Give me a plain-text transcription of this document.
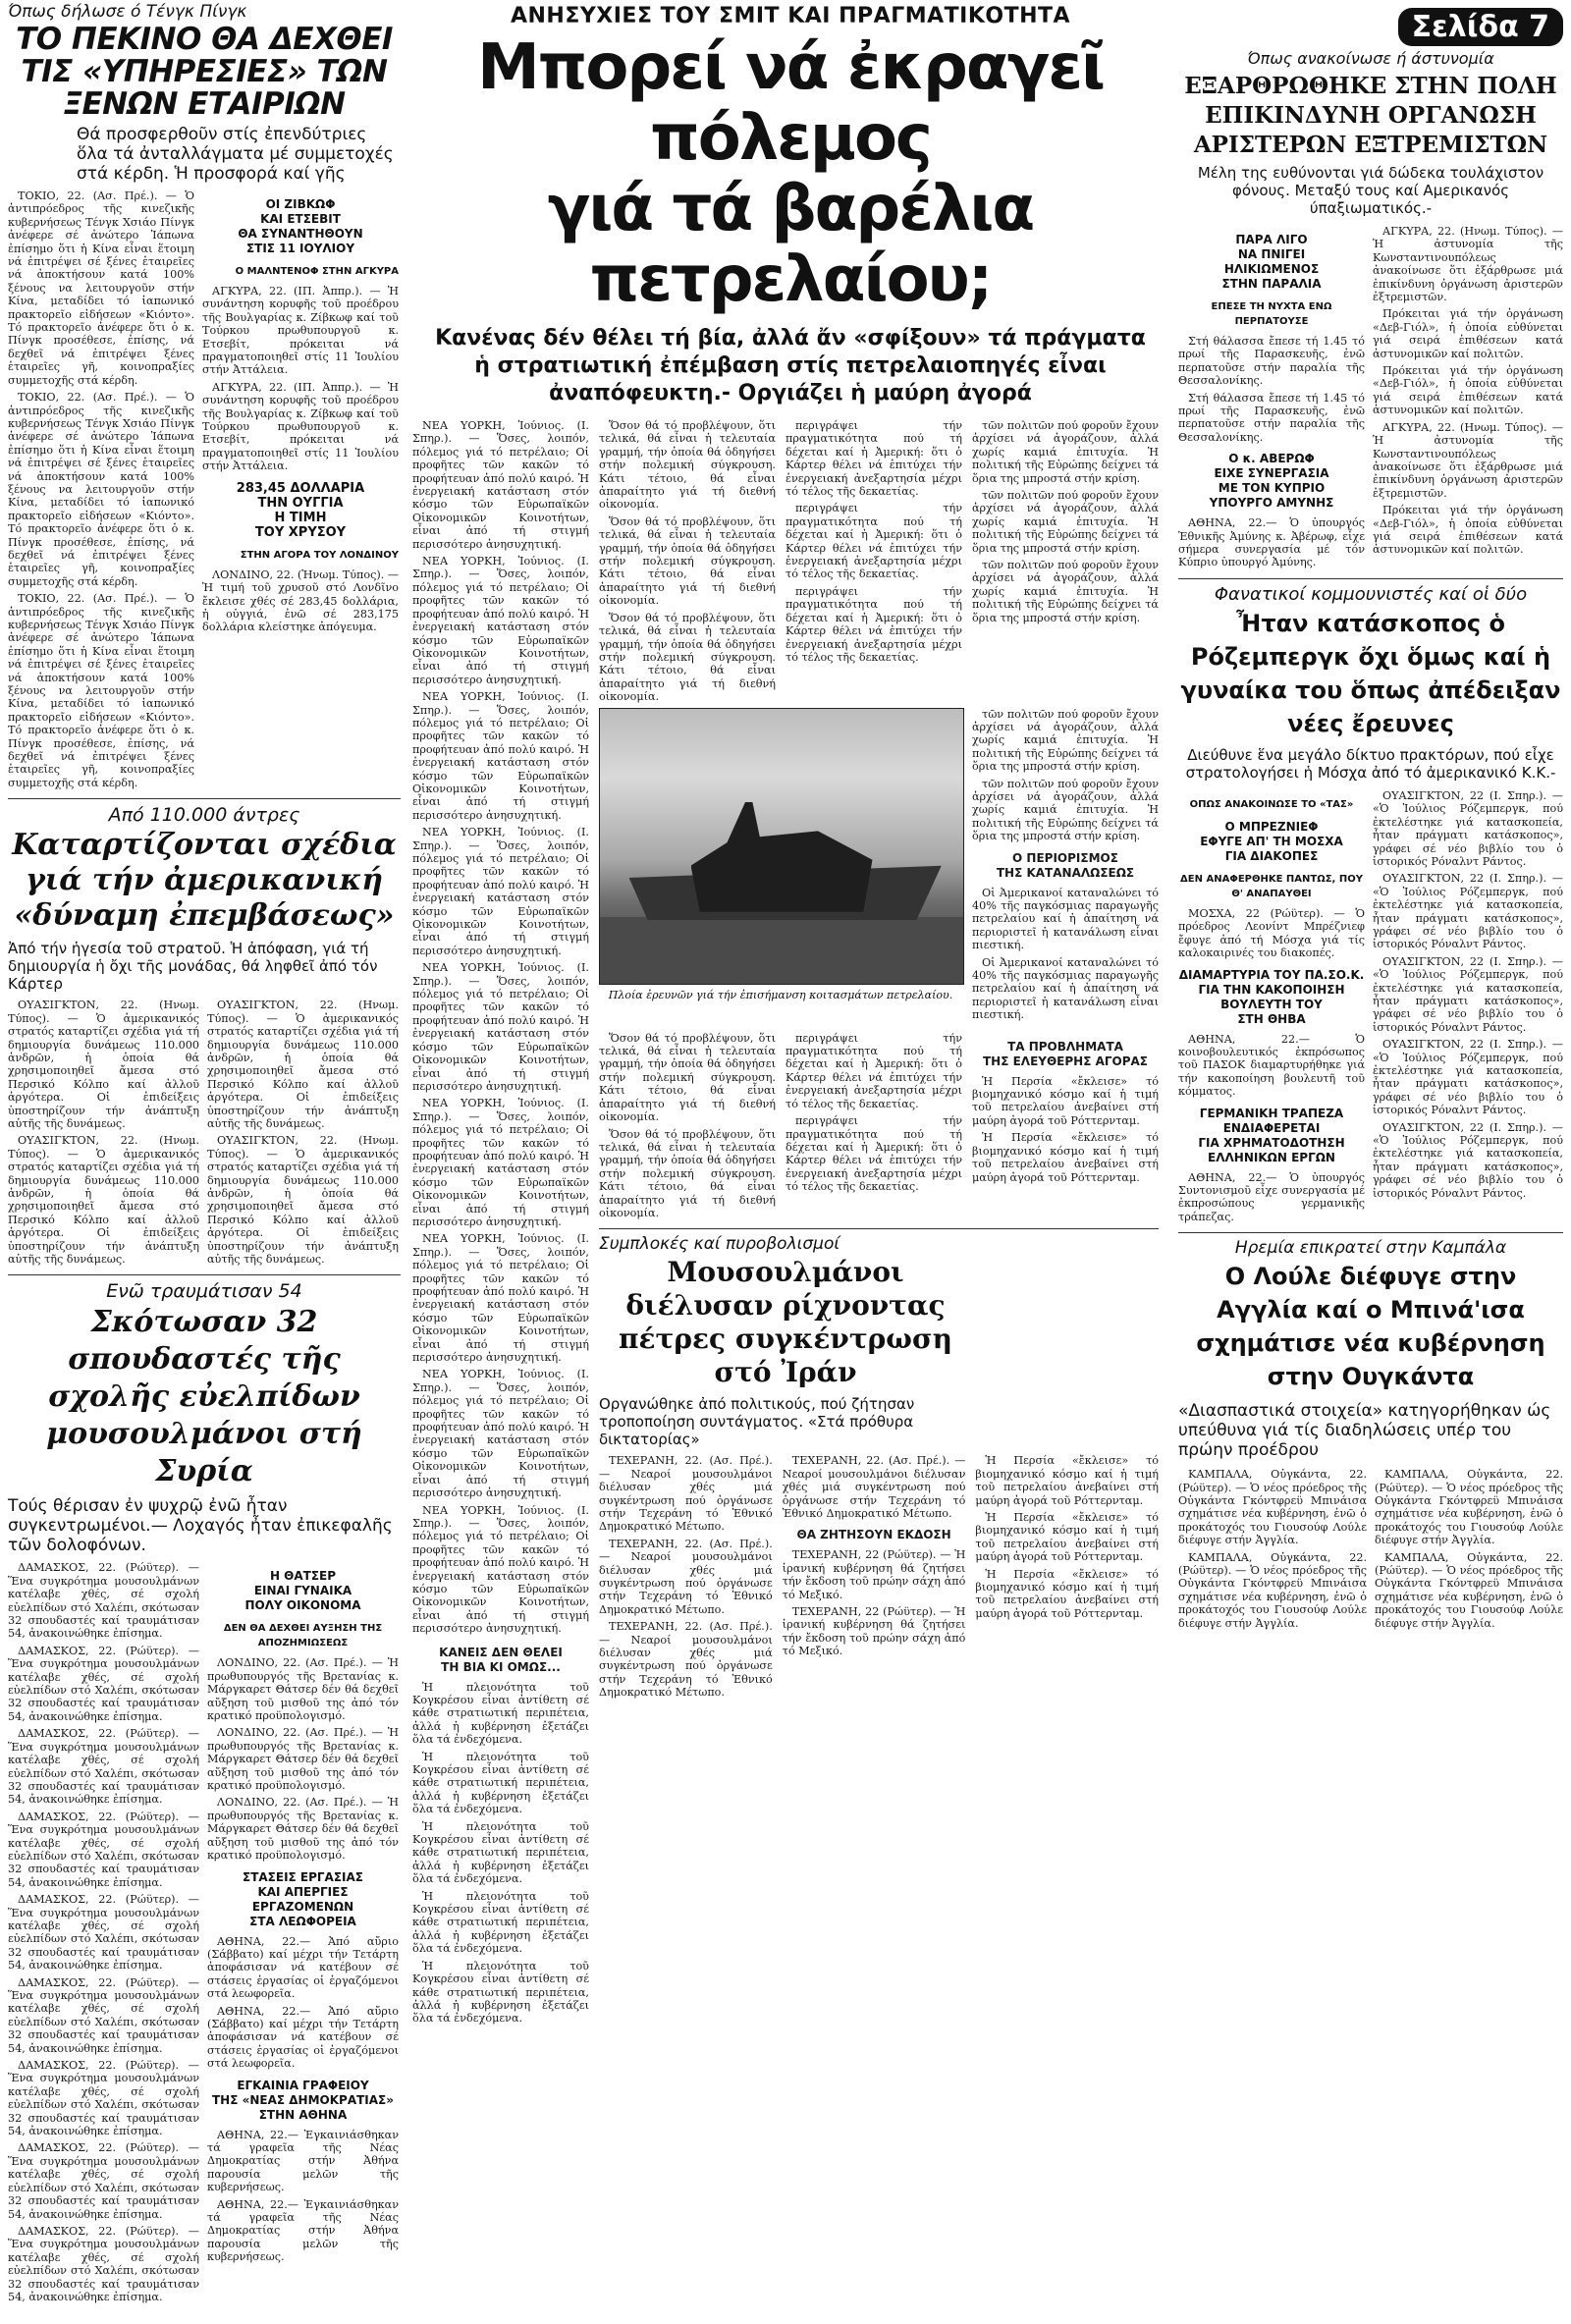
Σελίδα 7
Όπως δήλωσε ό Τένγκ Πίνγκ
ΤΟ ΠΕΚΙΝΟ ΘΑ ΔΕΧΘΕΙ ΤΙΣ «ΥΠΗΡΕΣΙΕΣ» ΤΩΝ ΞΕΝΩΝ ΕΤΑΙΡΙΩΝ
Θά προσφερθοῦν στίς ἐπενδύτριες ὅλα τά ἀνταλλάγματα μέ συμμετοχές στά κέρδη. Ἡ προσφορά καί γῆς

ΤΟΚΙΟ, 22. (Ασ. Πρέ.). — Ὁ ἀντιπρόεδρος τῆς κινεζικῆς κυβερνήσεως Τένγκ Χσιάο Πίνγκ ἀνέφερε σέ ἀνώτερο Ἰάπωνα ἐπίσημο ὅτι ἡ Κίνα εἶναι ἕτοιμη νά ἐπιτρέψει σέ ξένες ἑταιρεῖες νά ἀποκτήσουν κατά 100% ξένους να λειτουργοῦν στήν Κίνα, μεταδίδει τό ἰαπωνικό πρακτορεῖο εἰδήσεων «Κιόντο». Τό πρακτορεῖο ἀνέφερε ὅτι ὁ κ. Πίνγκ προσέθεσε, ἐπίσης, νά δεχθεῖ νά ἐπιτρέψει ξένες ἑταιρεῖες γῆ, κοινοπραξίες συμμετοχῆς στά κέρδη.

ΤΟΚΙΟ, 22. (Ασ. Πρέ.). — Ὁ ἀντιπρόεδρος τῆς κινεζικῆς κυβερνήσεως Τένγκ Χσιάο Πίνγκ ἀνέφερε σέ ἀνώτερο Ἰάπωνα ἐπίσημο ὅτι ἡ Κίνα εἶναι ἕτοιμη νά ἐπιτρέψει σέ ξένες ἑταιρεῖες νά ἀποκτήσουν κατά 100% ξένους να λειτουργοῦν στήν Κίνα, μεταδίδει τό ἰαπωνικό πρακτορεῖο εἰδήσεων «Κιόντο». Τό πρακτορεῖο ἀνέφερε ὅτι ὁ κ. Πίνγκ προσέθεσε, ἐπίσης, νά δεχθεῖ νά ἐπιτρέψει ξένες ἑταιρεῖες γῆ, κοινοπραξίες συμμετοχῆς στά κέρδη.

ΤΟΚΙΟ, 22. (Ασ. Πρέ.). — Ὁ ἀντιπρόεδρος τῆς κινεζικῆς κυβερνήσεως Τένγκ Χσιάο Πίνγκ ἀνέφερε σέ ἀνώτερο Ἰάπωνα ἐπίσημο ὅτι ἡ Κίνα εἶναι ἕτοιμη νά ἐπιτρέψει σέ ξένες ἑταιρεῖες νά ἀποκτήσουν κατά 100% ξένους να λειτουργοῦν στήν Κίνα, μεταδίδει τό ἰαπωνικό πρακτορεῖο εἰδήσεων «Κιόντο». Τό πρακτορεῖο ἀνέφερε ὅτι ὁ κ. Πίνγκ προσέθεσε, ἐπίσης, νά δεχθεῖ νά ἐπιτρέψει ξένες ἑταιρεῖες γῆ, κοινοπραξίες συμμετοχῆς στά κέρδη.

ΟΙ ΖΙΒΚΩΦ
ΚΑΙ ΕΤΣΕΒΙΤ
ΘΑ ΣΥΝΑΝΤΗΘΟΥΝ
ΣΤΙΣ 11 ΙΟΥΛΙΟΥ
Ο ΜΑΛΝΤΕΝΟΦ ΣΤΗΝ ΑΓΚΥΡΑ

ΑΓΚΥΡΑ, 22. (ΙΠ. Ἀππρ.). — Ἡ συνάντηση κορυφῆς τοῦ προέδρου τῆς Βουλγαρίας κ. Ζίβκωφ καί τοῦ Τούρκου πρωθυπουργοῦ κ. Ετσεβίτ, πρόκειται νά πραγματοποιηθεῖ στίς 11 Ἰουλίου στήν Ἀττάλεια.

ΑΓΚΥΡΑ, 22. (ΙΠ. Ἀππρ.). — Ἡ συνάντηση κορυφῆς τοῦ προέδρου τῆς Βουλγαρίας κ. Ζίβκωφ καί τοῦ Τούρκου πρωθυπουργοῦ κ. Ετσεβίτ, πρόκειται νά πραγματοποιηθεῖ στίς 11 Ἰουλίου στήν Ἀττάλεια.

283,45 ΔΟΛΛΑΡΙΑ
ΤΗΝ ΟΥΓΓΙΑ
Η ΤΙΜΗ
ΤΟΥ ΧΡΥΣΟΥ
ΣΤΗΝ ΑΓΟΡΑ ΤΟΥ ΛΟΝΔΙΝΟΥ

ΛΟΝΔΙΝΟ, 22. (Ἡνωμ. Τύπος). — Ἡ τιμή τοῦ χρυσοῦ στό Λονδῖνο ἔκλεισε χθές σέ 283,45 δολλάρια, ἡ οὐγγιά, ἐνῶ σέ 283,175 δολλάρια κλείστηκε ἀπόγευμα.

Από 110.000 άντρες
Καταρτίζονται σχέδια γιά τήν ἀμερικανική «δύναμη ἐπεμβάσεως»
Ἀπό τήν ἡγεσία τοῦ στρατοῦ. Ἡ ἀπόφαση, γιά τή δημιουργία ἡ ὄχι τῆς μονάδας, θά ληφθεῖ ἀπό τόν Κάρτερ

ΟΥΑΣΙΓΚΤΟΝ, 22. (Ηνωμ. Τύπος). — Ὁ ἀμερικανικός στρατός καταρτίζει σχέδια γιά τή δημιουργία δυνάμεως 110.000 ἀνδρῶν, ἡ ὁποία θά χρησιμοποιηθεῖ ἄμεσα στό Περσικό Κόλπο καί ἀλλοῦ ἀργότερα. Οἱ ἐπιδείξεις ὑποστηρίζουν τήν ἀνάπτυξη αὐτῆς τῆς δυνάμεως.

ΟΥΑΣΙΓΚΤΟΝ, 22. (Ηνωμ. Τύπος). — Ὁ ἀμερικανικός στρατός καταρτίζει σχέδια γιά τή δημιουργία δυνάμεως 110.000 ἀνδρῶν, ἡ ὁποία θά χρησιμοποιηθεῖ ἄμεσα στό Περσικό Κόλπο καί ἀλλοῦ ἀργότερα. Οἱ ἐπιδείξεις ὑποστηρίζουν τήν ἀνάπτυξη αὐτῆς τῆς δυνάμεως.

ΟΥΑΣΙΓΚΤΟΝ, 22. (Ηνωμ. Τύπος). — Ὁ ἀμερικανικός στρατός καταρτίζει σχέδια γιά τή δημιουργία δυνάμεως 110.000 ἀνδρῶν, ἡ ὁποία θά χρησιμοποιηθεῖ ἄμεσα στό Περσικό Κόλπο καί ἀλλοῦ ἀργότερα. Οἱ ἐπιδείξεις ὑποστηρίζουν τήν ἀνάπτυξη αὐτῆς τῆς δυνάμεως.

ΟΥΑΣΙΓΚΤΟΝ, 22. (Ηνωμ. Τύπος). — Ὁ ἀμερικανικός στρατός καταρτίζει σχέδια γιά τή δημιουργία δυνάμεως 110.000 ἀνδρῶν, ἡ ὁποία θά χρησιμοποιηθεῖ ἄμεσα στό Περσικό Κόλπο καί ἀλλοῦ ἀργότερα. Οἱ ἐπιδείξεις ὑποστηρίζουν τήν ἀνάπτυξη αὐτῆς τῆς δυνάμεως.

Ενῶ τραυμάτισαν 54
Σκότωσαν 32 σπουδαστές τῆς σχολῆς εὐελπίδων μουσουλμάνοι στή Συρία
Τούς θέρισαν ἐν ψυχρῷ ἐνῶ ἦταν συγκεντρωμένοι.— Λοχαγός ἦταν ἐπικεφαλῆς τῶν δολοφόνων.

ΔΑΜΑΣΚΟΣ, 22. (Ρώϋτερ). — Ἕνα συγκρότημα μουσουλμάνων κατέλαβε χθές, σέ σχολή εὐελπίδων στό Χαλέπι, σκότωσαν 32 σπουδαστές καί τραυμάτισαν 54, ἀνακοινώθηκε ἐπίσημα.

ΔΑΜΑΣΚΟΣ, 22. (Ρώϋτερ). — Ἕνα συγκρότημα μουσουλμάνων κατέλαβε χθές, σέ σχολή εὐελπίδων στό Χαλέπι, σκότωσαν 32 σπουδαστές καί τραυμάτισαν 54, ἀνακοινώθηκε ἐπίσημα.

ΔΑΜΑΣΚΟΣ, 22. (Ρώϋτερ). — Ἕνα συγκρότημα μουσουλμάνων κατέλαβε χθές, σέ σχολή εὐελπίδων στό Χαλέπι, σκότωσαν 32 σπουδαστές καί τραυμάτισαν 54, ἀνακοινώθηκε ἐπίσημα.

ΔΑΜΑΣΚΟΣ, 22. (Ρώϋτερ). — Ἕνα συγκρότημα μουσουλμάνων κατέλαβε χθές, σέ σχολή εὐελπίδων στό Χαλέπι, σκότωσαν 32 σπουδαστές καί τραυμάτισαν 54, ἀνακοινώθηκε ἐπίσημα.

ΔΑΜΑΣΚΟΣ, 22. (Ρώϋτερ). — Ἕνα συγκρότημα μουσουλμάνων κατέλαβε χθές, σέ σχολή εὐελπίδων στό Χαλέπι, σκότωσαν 32 σπουδαστές καί τραυμάτισαν 54, ἀνακοινώθηκε ἐπίσημα.

ΔΑΜΑΣΚΟΣ, 22. (Ρώϋτερ). — Ἕνα συγκρότημα μουσουλμάνων κατέλαβε χθές, σέ σχολή εὐελπίδων στό Χαλέπι, σκότωσαν 32 σπουδαστές καί τραυμάτισαν 54, ἀνακοινώθηκε ἐπίσημα.

ΔΑΜΑΣΚΟΣ, 22. (Ρώϋτερ). — Ἕνα συγκρότημα μουσουλμάνων κατέλαβε χθές, σέ σχολή εὐελπίδων στό Χαλέπι, σκότωσαν 32 σπουδαστές καί τραυμάτισαν 54, ἀνακοινώθηκε ἐπίσημα.

ΔΑΜΑΣΚΟΣ, 22. (Ρώϋτερ). — Ἕνα συγκρότημα μουσουλμάνων κατέλαβε χθές, σέ σχολή εὐελπίδων στό Χαλέπι, σκότωσαν 32 σπουδαστές καί τραυμάτισαν 54, ἀνακοινώθηκε ἐπίσημα.

ΔΑΜΑΣΚΟΣ, 22. (Ρώϋτερ). — Ἕνα συγκρότημα μουσουλμάνων κατέλαβε χθές, σέ σχολή εὐελπίδων στό Χαλέπι, σκότωσαν 32 σπουδαστές καί τραυμάτισαν 54, ἀνακοινώθηκε ἐπίσημα.

Η ΘΑΤΣΕΡ
ΕΙΝΑΙ ΓΥΝΑΙΚΑ
ΠΟΛΥ ΟΙΚΟΝΟΜΑ
ΔΕΝ ΘΑ ΔΕΧΘΕΙ ΑΥΞΗΣΗ ΤΗΣ ΑΠΟΖΗΜΙΩΣΕΩΣ

ΛΟΝΔΙΝΟ, 22. (Ασ. Πρέ.). — Ἡ πρωθυπουργός τῆς Βρετανίας κ. Μάργκαρετ Θάτσερ δέν θά δεχθεῖ αὔξηση τοῦ μισθοῦ της ἀπό τόν κρατικό προϋπολογισμό.

ΛΟΝΔΙΝΟ, 22. (Ασ. Πρέ.). — Ἡ πρωθυπουργός τῆς Βρετανίας κ. Μάργκαρετ Θάτσερ δέν θά δεχθεῖ αὔξηση τοῦ μισθοῦ της ἀπό τόν κρατικό προϋπολογισμό.

ΛΟΝΔΙΝΟ, 22. (Ασ. Πρέ.). — Ἡ πρωθυπουργός τῆς Βρετανίας κ. Μάργκαρετ Θάτσερ δέν θά δεχθεῖ αὔξηση τοῦ μισθοῦ της ἀπό τόν κρατικό προϋπολογισμό.

ΣΤΑΣΕΙΣ ΕΡΓΑΣΙΑΣ
ΚΑΙ ΑΠΕΡΓΙΕΣ
ΕΡΓΑΖΟΜΕΝΩΝ
ΣΤΑ ΛΕΩΦΟΡΕΙΑ

ΑΘΗΝΑ, 22.— Ἀπό αὔριο (Σάββατο) καί μέχρι τήν Τετάρτη ἀποφάσισαν νά κατέβουν σέ στάσεις ἐργασίας οἱ ἐργαζόμενοι στά λεωφορεῖα.

ΑΘΗΝΑ, 22.— Ἀπό αὔριο (Σάββατο) καί μέχρι τήν Τετάρτη ἀποφάσισαν νά κατέβουν σέ στάσεις ἐργασίας οἱ ἐργαζόμενοι στά λεωφορεῖα.

ΕΓΚΑΙΝΙΑ ΓΡΑΦΕΙΟΥ
ΤΗΣ «ΝΕΑΣ ΔΗΜΟΚΡΑΤΙΑΣ»
ΣΤΗΝ ΑΘΗΝΑ

ΑΘΗΝΑ, 22.— Ἐγκαινιάσθηκαν τά γραφεῖα τῆς Νέας Δημοκρατίας στήν Ἀθήνα παρουσία μελῶν τῆς κυβερνήσεως.

ΑΘΗΝΑ, 22.— Ἐγκαινιάσθηκαν τά γραφεῖα τῆς Νέας Δημοκρατίας στήν Ἀθήνα παρουσία μελῶν τῆς κυβερνήσεως.

ΑΝΗΣΥΧΙΕΣ ΤΟΥ ΣΜΙΤ ΚΑΙ ΠΡΑΓΜΑΤΙΚΟΤΗΤΑ
Μπορεί νά ἐκραγεῖ πόλεμος
γιά τά βαρέλια πετρελαίου;
Κανένας δέν θέλει τή βία, ἀλλά ἄν «σφίξουν» τά πράγματα ἡ στρατιωτική ἐπέμβαση στίς πετρελαιοπηγές εἶναι ἀναπόφευκτη.- Οργιάζει ἡ μαύρη ἀγορά

ΝΕΑ ΥΟΡΚΗ, Ἰούνιος. (Ι. Σπηρ.). — Ὅσες, λοιπόν, πόλεμος γιά τό πετρέλαιο; Οἱ προφῆτες τῶν κακῶν τό προφήτευαν ἀπό πολύ καιρό. Ἡ ἐνεργειακή κατάσταση στόν κόσμο τῶν Εὐρωπαϊκῶν Οἰκονομικῶν Κοινοτήτων, εἶναι ἀπό τή στιγμή περισσότερο ἀνησυχητική.

ΝΕΑ ΥΟΡΚΗ, Ἰούνιος. (Ι. Σπηρ.). — Ὅσες, λοιπόν, πόλεμος γιά τό πετρέλαιο; Οἱ προφῆτες τῶν κακῶν τό προφήτευαν ἀπό πολύ καιρό. Ἡ ἐνεργειακή κατάσταση στόν κόσμο τῶν Εὐρωπαϊκῶν Οἰκονομικῶν Κοινοτήτων, εἶναι ἀπό τή στιγμή περισσότερο ἀνησυχητική.

ΝΕΑ ΥΟΡΚΗ, Ἰούνιος. (Ι. Σπηρ.). — Ὅσες, λοιπόν, πόλεμος γιά τό πετρέλαιο; Οἱ προφῆτες τῶν κακῶν τό προφήτευαν ἀπό πολύ καιρό. Ἡ ἐνεργειακή κατάσταση στόν κόσμο τῶν Εὐρωπαϊκῶν Οἰκονομικῶν Κοινοτήτων, εἶναι ἀπό τή στιγμή περισσότερο ἀνησυχητική.

ΝΕΑ ΥΟΡΚΗ, Ἰούνιος. (Ι. Σπηρ.). — Ὅσες, λοιπόν, πόλεμος γιά τό πετρέλαιο; Οἱ προφῆτες τῶν κακῶν τό προφήτευαν ἀπό πολύ καιρό. Ἡ ἐνεργειακή κατάσταση στόν κόσμο τῶν Εὐρωπαϊκῶν Οἰκονομικῶν Κοινοτήτων, εἶναι ἀπό τή στιγμή περισσότερο ἀνησυχητική.

ΝΕΑ ΥΟΡΚΗ, Ἰούνιος. (Ι. Σπηρ.). — Ὅσες, λοιπόν, πόλεμος γιά τό πετρέλαιο; Οἱ προφῆτες τῶν κακῶν τό προφήτευαν ἀπό πολύ καιρό. Ἡ ἐνεργειακή κατάσταση στόν κόσμο τῶν Εὐρωπαϊκῶν Οἰκονομικῶν Κοινοτήτων, εἶναι ἀπό τή στιγμή περισσότερο ἀνησυχητική.

ΝΕΑ ΥΟΡΚΗ, Ἰούνιος. (Ι. Σπηρ.). — Ὅσες, λοιπόν, πόλεμος γιά τό πετρέλαιο; Οἱ προφῆτες τῶν κακῶν τό προφήτευαν ἀπό πολύ καιρό. Ἡ ἐνεργειακή κατάσταση στόν κόσμο τῶν Εὐρωπαϊκῶν Οἰκονομικῶν Κοινοτήτων, εἶναι ἀπό τή στιγμή περισσότερο ἀνησυχητική.

ΝΕΑ ΥΟΡΚΗ, Ἰούνιος. (Ι. Σπηρ.). — Ὅσες, λοιπόν, πόλεμος γιά τό πετρέλαιο; Οἱ προφῆτες τῶν κακῶν τό προφήτευαν ἀπό πολύ καιρό. Ἡ ἐνεργειακή κατάσταση στόν κόσμο τῶν Εὐρωπαϊκῶν Οἰκονομικῶν Κοινοτήτων, εἶναι ἀπό τή στιγμή περισσότερο ἀνησυχητική.

ΝΕΑ ΥΟΡΚΗ, Ἰούνιος. (Ι. Σπηρ.). — Ὅσες, λοιπόν, πόλεμος γιά τό πετρέλαιο; Οἱ προφῆτες τῶν κακῶν τό προφήτευαν ἀπό πολύ καιρό. Ἡ ἐνεργειακή κατάσταση στόν κόσμο τῶν Εὐρωπαϊκῶν Οἰκονομικῶν Κοινοτήτων, εἶναι ἀπό τή στιγμή περισσότερο ἀνησυχητική.

ΝΕΑ ΥΟΡΚΗ, Ἰούνιος. (Ι. Σπηρ.). — Ὅσες, λοιπόν, πόλεμος γιά τό πετρέλαιο; Οἱ προφῆτες τῶν κακῶν τό προφήτευαν ἀπό πολύ καιρό. Ἡ ἐνεργειακή κατάσταση στόν κόσμο τῶν Εὐρωπαϊκῶν Οἰκονομικῶν Κοινοτήτων, εἶναι ἀπό τή στιγμή περισσότερο ἀνησυχητική.

ΚΑΝΕΙΣ ΔΕΝ ΘΕΛΕΙ
ΤΗ ΒΙΑ ΚΙ ΟΜΩΣ...

Ἡ πλειονότητα τοῦ Κογκρέσου εἶναι ἀντίθετη σέ κάθε στρατιωτική περιπέτεια, ἀλλά ἡ κυβέρνηση ἐξετάζει ὅλα τά ἐνδεχόμενα.

Ἡ πλειονότητα τοῦ Κογκρέσου εἶναι ἀντίθετη σέ κάθε στρατιωτική περιπέτεια, ἀλλά ἡ κυβέρνηση ἐξετάζει ὅλα τά ἐνδεχόμενα.

Ἡ πλειονότητα τοῦ Κογκρέσου εἶναι ἀντίθετη σέ κάθε στρατιωτική περιπέτεια, ἀλλά ἡ κυβέρνηση ἐξετάζει ὅλα τά ἐνδεχόμενα.

Ἡ πλειονότητα τοῦ Κογκρέσου εἶναι ἀντίθετη σέ κάθε στρατιωτική περιπέτεια, ἀλλά ἡ κυβέρνηση ἐξετάζει ὅλα τά ἐνδεχόμενα.

Ἡ πλειονότητα τοῦ Κογκρέσου εἶναι ἀντίθετη σέ κάθε στρατιωτική περιπέτεια, ἀλλά ἡ κυβέρνηση ἐξετάζει ὅλα τά ἐνδεχόμενα.

Ὅσον θά τό προβλέψουν, ὅτι τελικά, θά εἶναι ἡ τελευταία γραμμή, τήν ὁποία θά ὁδηγήσει στήν πολεμική σύγκρουση. Κάτι τέτοιο, θά εἶναι ἀπαραίτητο γιά τή διεθνή οἰκονομία.

Ὅσον θά τό προβλέψουν, ὅτι τελικά, θά εἶναι ἡ τελευταία γραμμή, τήν ὁποία θά ὁδηγήσει στήν πολεμική σύγκρουση. Κάτι τέτοιο, θά εἶναι ἀπαραίτητο γιά τή διεθνή οἰκονομία.

Ὅσον θά τό προβλέψουν, ὅτι τελικά, θά εἶναι ἡ τελευταία γραμμή, τήν ὁποία θά ὁδηγήσει στήν πολεμική σύγκρουση. Κάτι τέτοιο, θά εἶναι ἀπαραίτητο γιά τή διεθνή οἰκονομία.

περιγράψει τήν πραγματικότητα πού τή δέχεται καί ἡ Ἀμερική: ὅτι ὁ Κάρτερ θέλει νά ἐπιτύχει τήν ἐνεργειακή ἀνεξαρτησία μέχρι τό τέλος τῆς δεκαετίας.

περιγράψει τήν πραγματικότητα πού τή δέχεται καί ἡ Ἀμερική: ὅτι ὁ Κάρτερ θέλει νά ἐπιτύχει τήν ἐνεργειακή ἀνεξαρτησία μέχρι τό τέλος τῆς δεκαετίας.

περιγράψει τήν πραγματικότητα πού τή δέχεται καί ἡ Ἀμερική: ὅτι ὁ Κάρτερ θέλει νά ἐπιτύχει τήν ἐνεργειακή ἀνεξαρτησία μέχρι τό τέλος τῆς δεκαετίας.

τῶν πολιτῶν πού φοροῦν ἔχουν ἀρχίσει νά ἀγοράζουν, ἀλλά χωρίς καμιά ἐπιτυχία. Ἡ πολιτική τῆς Εὐρώπης δείχνει τά ὅρια της μπροστά στήν κρίση.

τῶν πολιτῶν πού φοροῦν ἔχουν ἀρχίσει νά ἀγοράζουν, ἀλλά χωρίς καμιά ἐπιτυχία. Ἡ πολιτική τῆς Εὐρώπης δείχνει τά ὅρια της μπροστά στήν κρίση.

τῶν πολιτῶν πού φοροῦν ἔχουν ἀρχίσει νά ἀγοράζουν, ἀλλά χωρίς καμιά ἐπιτυχία. Ἡ πολιτική τῆς Εὐρώπης δείχνει τά ὅρια της μπροστά στήν κρίση.

Πλοία ἐρευνῶν γιά τήν ἐπισήμανση κοιτασμάτων πετρελαίου.

τῶν πολιτῶν πού φοροῦν ἔχουν ἀρχίσει νά ἀγοράζουν, ἀλλά χωρίς καμιά ἐπιτυχία. Ἡ πολιτική τῆς Εὐρώπης δείχνει τά ὅρια της μπροστά στήν κρίση.

τῶν πολιτῶν πού φοροῦν ἔχουν ἀρχίσει νά ἀγοράζουν, ἀλλά χωρίς καμιά ἐπιτυχία. Ἡ πολιτική τῆς Εὐρώπης δείχνει τά ὅρια της μπροστά στήν κρίση.

Ο ΠΕΡΙΟΡΙΣΜΟΣ
ΤΗΣ ΚΑΤΑΝΑΛΩΣΕΩΣ

Οἱ Ἀμερικανοί καταναλώνει τό 40% τῆς παγκόσμιας παραγωγῆς πετρελαίου καί ἡ ἀπαίτηση νά περιοριστεῖ ἡ κατανάλωση εἶναι πιεστική.

Οἱ Ἀμερικανοί καταναλώνει τό 40% τῆς παγκόσμιας παραγωγῆς πετρελαίου καί ἡ ἀπαίτηση νά περιοριστεῖ ἡ κατανάλωση εἶναι πιεστική.

Ὅσον θά τό προβλέψουν, ὅτι τελικά, θά εἶναι ἡ τελευταία γραμμή, τήν ὁποία θά ὁδηγήσει στήν πολεμική σύγκρουση. Κάτι τέτοιο, θά εἶναι ἀπαραίτητο γιά τή διεθνή οἰκονομία.

Ὅσον θά τό προβλέψουν, ὅτι τελικά, θά εἶναι ἡ τελευταία γραμμή, τήν ὁποία θά ὁδηγήσει στήν πολεμική σύγκρουση. Κάτι τέτοιο, θά εἶναι ἀπαραίτητο γιά τή διεθνή οἰκονομία.

περιγράψει τήν πραγματικότητα πού τή δέχεται καί ἡ Ἀμερική: ὅτι ὁ Κάρτερ θέλει νά ἐπιτύχει τήν ἐνεργειακή ἀνεξαρτησία μέχρι τό τέλος τῆς δεκαετίας.

περιγράψει τήν πραγματικότητα πού τή δέχεται καί ἡ Ἀμερική: ὅτι ὁ Κάρτερ θέλει νά ἐπιτύχει τήν ἐνεργειακή ἀνεξαρτησία μέχρι τό τέλος τῆς δεκαετίας.

ΤΑ ΠΡΟΒΛΗΜΑΤΑ
ΤΗΣ ΕΛΕΥΘΕΡΗΣ ΑΓΟΡΑΣ

Ἡ Περσία «ἔκλεισε» τό βιομηχανικό κόσμο καί ἡ τιμή τοῦ πετρελαίου ἀνεβαίνει στή μαύρη ἀγορά τοῦ Ρόττερνταμ.

Ἡ Περσία «ἔκλεισε» τό βιομηχανικό κόσμο καί ἡ τιμή τοῦ πετρελαίου ἀνεβαίνει στή μαύρη ἀγορά τοῦ Ρόττερνταμ.

Συμπλοκές καί πυροβολισμοί
Μουσουλμάνοι διέλυσαν ρίχνοντας πέτρες συγκέντρωση στό Ἰράν
Οργανώθηκε ἀπό πολιτικούς, πού ζήτησαν τροποποίηση συντάγματος. «Στά πρόθυρα δικτατορίας»

ΤΕΧΕΡΑΝΗ, 22. (Ασ. Πρέ.). — Νεαροί μουσουλμάνοι διέλυσαν χθές μιά συγκέντρωση πού ὀργάνωσε στήν Τεχεράνη τό Ἐθνικό Δημοκρατικό Μέτωπο.

ΤΕΧΕΡΑΝΗ, 22. (Ασ. Πρέ.). — Νεαροί μουσουλμάνοι διέλυσαν χθές μιά συγκέντρωση πού ὀργάνωσε στήν Τεχεράνη τό Ἐθνικό Δημοκρατικό Μέτωπο.

ΤΕΧΕΡΑΝΗ, 22. (Ασ. Πρέ.). — Νεαροί μουσουλμάνοι διέλυσαν χθές μιά συγκέντρωση πού ὀργάνωσε στήν Τεχεράνη τό Ἐθνικό Δημοκρατικό Μέτωπο.

ΤΕΧΕΡΑΝΗ, 22. (Ασ. Πρέ.). — Νεαροί μουσουλμάνοι διέλυσαν χθές μιά συγκέντρωση πού ὀργάνωσε στήν Τεχεράνη τό Ἐθνικό Δημοκρατικό Μέτωπο.

ΘΑ ΖΗΤΗΣΟΥΝ ΕΚΔΟΣΗ

ΤΕΧΕΡΑΝΗ, 22 (Ρώϋτερ). — Ἡ ἰρανική κυβέρνηση θά ζητήσει τήν ἔκδοση τοῦ πρώην σάχη ἀπό τό Μεξικό.

ΤΕΧΕΡΑΝΗ, 22 (Ρώϋτερ). — Ἡ ἰρανική κυβέρνηση θά ζητήσει τήν ἔκδοση τοῦ πρώην σάχη ἀπό τό Μεξικό.

Ἡ Περσία «ἔκλεισε» τό βιομηχανικό κόσμο καί ἡ τιμή τοῦ πετρελαίου ἀνεβαίνει στή μαύρη ἀγορά τοῦ Ρόττερνταμ.

Ἡ Περσία «ἔκλεισε» τό βιομηχανικό κόσμο καί ἡ τιμή τοῦ πετρελαίου ἀνεβαίνει στή μαύρη ἀγορά τοῦ Ρόττερνταμ.

Ἡ Περσία «ἔκλεισε» τό βιομηχανικό κόσμο καί ἡ τιμή τοῦ πετρελαίου ἀνεβαίνει στή μαύρη ἀγορά τοῦ Ρόττερνταμ.

Όπως ανακοίνωσε ή άστυνομία
ΕΞΑΡΘΡΩΘΗΚΕ ΣΤΗΝ ΠΟΛΗ ΕΠΙΚΙΝΔΥΝΗ ΟΡΓΑΝΩΣΗ ΑΡΙΣΤΕΡΩΝ ΕΞΤΡΕΜΙΣΤΩΝ
Μέλη της ευθύνονται γιά δώδεκα τουλάχιστον φόνους. Μεταξύ τους καί Αμερικανός ύπαξιωματικός.-
ΠΑΡΑ ΛΙΓΟ
ΝΑ ΠΝΙΓΕΙ
ΗΛΙΚΙΩΜΕΝΟΣ
ΣΤΗΝ ΠΑΡΑΛΙΑ
ΕΠΕΣΕ ΤΗ ΝΥΧΤΑ ΕΝΩ ΠΕΡΠΑΤΟΥΣΕ

Στή θάλασσα ἔπεσε τή 1.45 τό πρωί τῆς Παρασκευῆς, ἐνῶ περπατοῦσε στήν παραλία τῆς Θεσσαλονίκης.

Στή θάλασσα ἔπεσε τή 1.45 τό πρωί τῆς Παρασκευῆς, ἐνῶ περπατοῦσε στήν παραλία τῆς Θεσσαλονίκης.

Ο κ. ΑΒΕΡΩΦ
ΕΙΧΕ ΣΥΝΕΡΓΑΣΙΑ
ΜΕ ΤΟΝ ΚΥΠΡΙΟ
ΥΠΟΥΡΓΟ ΑΜΥΝΗΣ

ΑΘΗΝΑ, 22.— Ὁ ὑπουργός Ἐθνικῆς Ἀμύνης κ. Ἀβέρωφ, εἶχε σήμερα συνεργασία μέ τόν Κύπριο ὑπουργό Ἀμύνης.

ΑΓΚΥΡΑ, 22. (Ηνωμ. Τύπος). — Ἡ ἀστυνομία τῆς Κωνσταντινουπόλεως ἀνακοίνωσε ὅτι ἐξάρθρωσε μιά ἐπικίνδυνη ὀργάνωση ἀριστερῶν ἐξτρεμιστῶν.

Πρόκειται γιά τήν ὀργάνωση «Δεβ-Γιόλ», ἡ ὁποία εὐθύνεται γιά σειρά ἐπιθέσεων κατά ἀστυνομικῶν καί πολιτῶν.

Πρόκειται γιά τήν ὀργάνωση «Δεβ-Γιόλ», ἡ ὁποία εὐθύνεται γιά σειρά ἐπιθέσεων κατά ἀστυνομικῶν καί πολιτῶν.

ΑΓΚΥΡΑ, 22. (Ηνωμ. Τύπος). — Ἡ ἀστυνομία τῆς Κωνσταντινουπόλεως ἀνακοίνωσε ὅτι ἐξάρθρωσε μιά ἐπικίνδυνη ὀργάνωση ἀριστερῶν ἐξτρεμιστῶν.

Πρόκειται γιά τήν ὀργάνωση «Δεβ-Γιόλ», ἡ ὁποία εὐθύνεται γιά σειρά ἐπιθέσεων κατά ἀστυνομικῶν καί πολιτῶν.

Φανατικοί κομμουνιστές καί οἱ δύο
Ἦταν κατάσκοπος ὁ Ρόζεμπεργκ ὄχι ὅμως καί ἡ γυναίκα του ὅπως ἀπέδειξαν νέες ἔρευνες
Διεύθυνε ἕνα μεγάλο δίκτυο πρακτόρων, πού εἶχε στρατολογήσει ἡ Μόσχα ἀπό τό ἀμερικανικό Κ.Κ.-
ΟΠΩΣ ΑΝΑΚΟΙΝΩΣΕ ΤΟ «ΤΑΣ»
Ο ΜΠΡΕΖΝΙΕΦ
ΕΦΥΓΕ ΑΠ' ΤΗ ΜΟΣΧΑ
ΓΙΑ ΔΙΑΚΟΠΕΣ
ΔΕΝ ΑΝΑΦΕΡΘΗΚΕ ΠΑΝΤΩΣ, ΠΟΥ Θ' ΑΝΑΠΑΥΘΕΙ

ΜΟΣΧΑ, 22 (Ρώϋτερ). — Ὁ πρόεδρος Λεονίντ Μπρέζνιεφ ἔφυγε ἀπό τή Μόσχα γιά τίς καλοκαιρινές του διακοπές.

ΔΙΑΜΑΡΤΥΡΙΑ ΤΟΥ ΠΑ.ΣΟ.Κ.
ΓΙΑ ΤΗΝ ΚΑΚΟΠΟΙΗΣΗ
ΒΟΥΛΕΥΤΗ ΤΟΥ
ΣΤΗ ΘΗΒΑ

ΑΘΗΝΑ, 22.— Ὁ κοινοβουλευτικός ἐκπρόσωπος τοῦ ΠΑΣΟΚ διαμαρτυρήθηκε γιά τήν κακοποίηση βουλευτῆ τοῦ κόμματος.

ΓΕΡΜΑΝΙΚΗ ΤΡΑΠΕΖΑ
ΕΝΔΙΑΦΕΡΕΤΑΙ
ΓΙΑ ΧΡΗΜΑΤΟΔΟΤΗΣΗ
ΕΛΛΗΝΙΚΩΝ ΕΡΓΩΝ

ΑΘΗΝΑ, 22.— Ὁ ὑπουργός Συντονισμοῦ εἶχε συνεργασία μέ ἐκπροσώπους γερμανικῆς τράπεζας.

ΟΥΑΣΙΓΚΤΟΝ, 22 (Ι. Σπηρ.). — «Ὁ Ἰούλιος Ρόζεμπεργκ, πού ἐκτελέστηκε γιά κατασκοπεία, ἦταν πράγματι κατάσκοπος», γράφει σέ νέο βιβλίο του ὁ ἱστορικός Ρόναλντ Ράντος.

ΟΥΑΣΙΓΚΤΟΝ, 22 (Ι. Σπηρ.). — «Ὁ Ἰούλιος Ρόζεμπεργκ, πού ἐκτελέστηκε γιά κατασκοπεία, ἦταν πράγματι κατάσκοπος», γράφει σέ νέο βιβλίο του ὁ ἱστορικός Ρόναλντ Ράντος.

ΟΥΑΣΙΓΚΤΟΝ, 22 (Ι. Σπηρ.). — «Ὁ Ἰούλιος Ρόζεμπεργκ, πού ἐκτελέστηκε γιά κατασκοπεία, ἦταν πράγματι κατάσκοπος», γράφει σέ νέο βιβλίο του ὁ ἱστορικός Ρόναλντ Ράντος.

ΟΥΑΣΙΓΚΤΟΝ, 22 (Ι. Σπηρ.). — «Ὁ Ἰούλιος Ρόζεμπεργκ, πού ἐκτελέστηκε γιά κατασκοπεία, ἦταν πράγματι κατάσκοπος», γράφει σέ νέο βιβλίο του ὁ ἱστορικός Ρόναλντ Ράντος.

ΟΥΑΣΙΓΚΤΟΝ, 22 (Ι. Σπηρ.). — «Ὁ Ἰούλιος Ρόζεμπεργκ, πού ἐκτελέστηκε γιά κατασκοπεία, ἦταν πράγματι κατάσκοπος», γράφει σέ νέο βιβλίο του ὁ ἱστορικός Ρόναλντ Ράντος.

Ηρεμία επικρατεί στην Καμπάλα
Ο Λούλε διέφυγε στην Αγγλία καί ο Μπινά'ισα σχημάτισε νέα κυβέρνηση στην Ουγκάντα
«Διασπαστικά στοιχεία» κατηγορήθηκαν ώς υπεύθυνα γιά τίς διαδηλώσεις υπέρ του πρώην προέδρου

ΚΑΜΠΑΛΑ, Οὐγκάντα, 22. (Ρώϋτερ). — Ὁ νέος πρόεδρος τῆς Οὐγκάντα Γκόντφρεϋ Μπινάισα σχημάτισε νέα κυβέρνηση, ἐνῶ ὁ προκάτοχός του Γιουσούφ Λούλε διέφυγε στήν Ἀγγλία.

ΚΑΜΠΑΛΑ, Οὐγκάντα, 22. (Ρώϋτερ). — Ὁ νέος πρόεδρος τῆς Οὐγκάντα Γκόντφρεϋ Μπινάισα σχημάτισε νέα κυβέρνηση, ἐνῶ ὁ προκάτοχός του Γιουσούφ Λούλε διέφυγε στήν Ἀγγλία.

ΚΑΜΠΑΛΑ, Οὐγκάντα, 22. (Ρώϋτερ). — Ὁ νέος πρόεδρος τῆς Οὐγκάντα Γκόντφρεϋ Μπινάισα σχημάτισε νέα κυβέρνηση, ἐνῶ ὁ προκάτοχός του Γιουσούφ Λούλε διέφυγε στήν Ἀγγλία.

ΚΑΜΠΑΛΑ, Οὐγκάντα, 22. (Ρώϋτερ). — Ὁ νέος πρόεδρος τῆς Οὐγκάντα Γκόντφρεϋ Μπινάισα σχημάτισε νέα κυβέρνηση, ἐνῶ ὁ προκάτοχός του Γιουσούφ Λούλε διέφυγε στήν Ἀγγλία.
